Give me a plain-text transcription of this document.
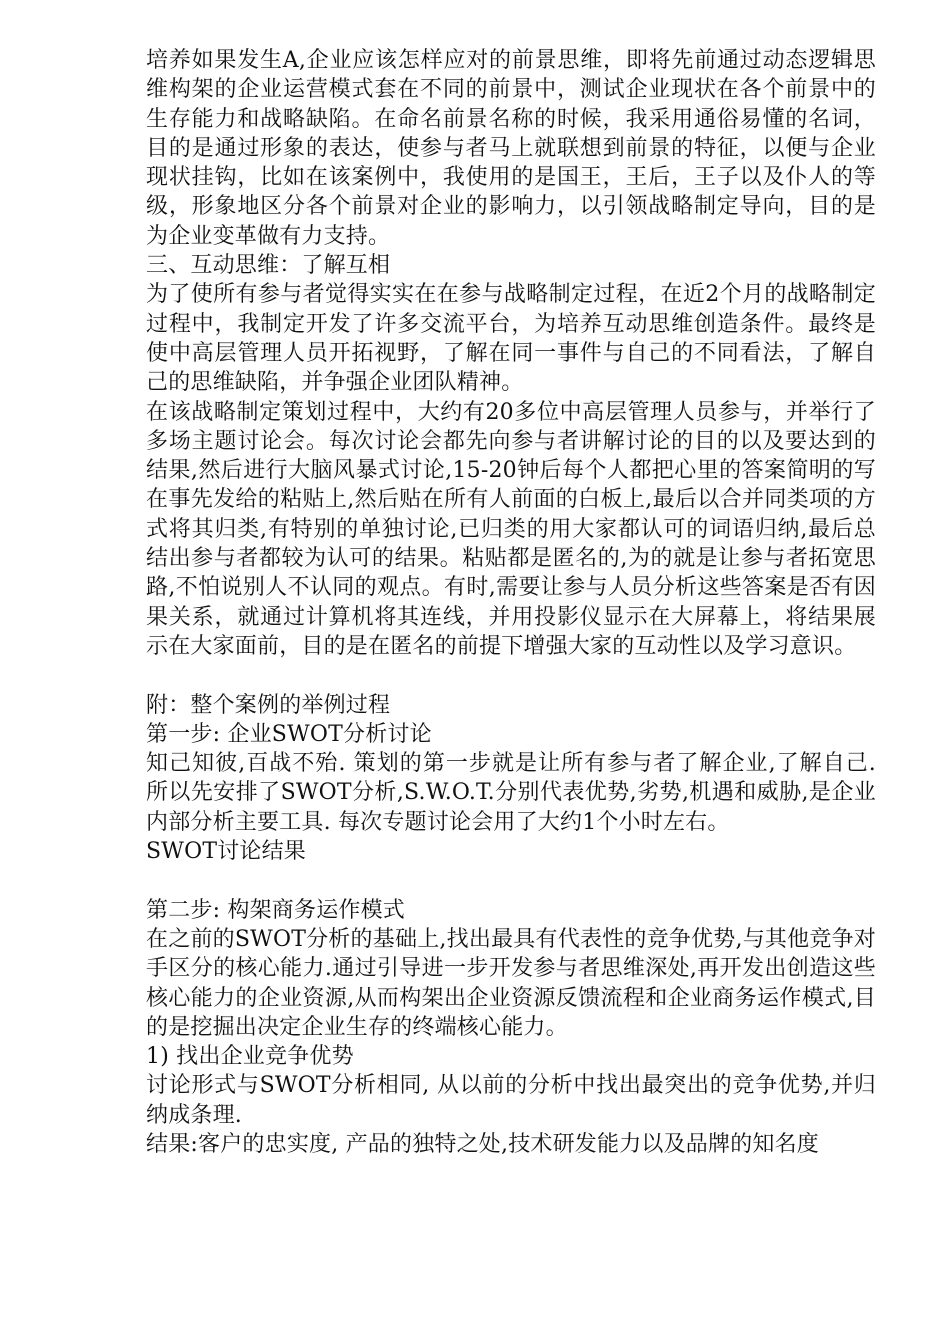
培养如果发生A,企业应该怎样应对的前景思维，即将先前通过动态逻辑思维构架的企业运营模式套在不同的前景中，测试企业现状在各个前景中的生存能力和战略缺陷。在命名前景名称的时候，我采用通俗易懂的名词，目的是通过形象的表达，使参与者马上就联想到前景的特征，以便与企业现状挂钩，比如在该案例中，我使用的是国王，王后，王子以及仆人的等级，形象地区分各个前景对企业的影响力，以引领战略制定导向，目的是为企业变革做有力支持。

三、互动思维：了解互相

为了使所有参与者觉得实实在在参与战略制定过程，在近2个月的战略制定过程中，我制定开发了许多交流平台，为培养互动思维创造条件。最终是使中高层管理人员开拓视野，了解在同一事件与自己的不同看法，了解自己的思维缺陷，并争强企业团队精神。

在该战略制定策划过程中，大约有20多位中高层管理人员参与，并举行了多场主题讨论会。每次讨论会都先向参与者讲解讨论的目的以及要达到的结果,然后进行大脑风暴式讨论,15-20钟后每个人都把心里的答案简明的写在事先发给的粘贴上,然后贴在所有人前面的白板上,最后以合并同类项的方式将其归类,有特别的单独讨论,已归类的用大家都认可的词语归纳,最后总结出参与者都较为认可的结果。粘贴都是匿名的,为的就是让参与者拓宽思路,不怕说别人不认同的观点。有时,需要让参与人员分析这些答案是否有因果关系，就通过计算机将其连线，并用投影仪显示在大屏幕上，将结果展示在大家面前，目的是在匿名的前提下增强大家的互动性以及学习意识。

附：整个案例的举例过程

第一步: 企业SWOT分析讨论

知己知彼,百战不殆. 策划的第一步就是让所有参与者了解企业,了解自己. 所以先安排了SWOT分析,S.W.O.T.分别代表优势,劣势,机遇和威胁,是企业内部分析主要工具. 每次专题讨论会用了大约1个小时左右。

SWOT讨论结果

第二步: 构架商务运作模式

在之前的SWOT分析的基础上,找出最具有代表性的竞争优势,与其他竞争对手区分的核心能力.通过引导进一步开发参与者思维深处,再开发出创造这些核心能力的企业资源,从而构架出企业资源反馈流程和企业商务运作模式,目的是挖掘出决定企业生存的终端核心能力。

1) 找出企业竞争优势

讨论形式与SWOT分析相同, 从以前的分析中找出最突出的竞争优势,并归纳成条理.

结果:客户的忠实度, 产品的独特之处,技术研发能力以及品牌的知名度
